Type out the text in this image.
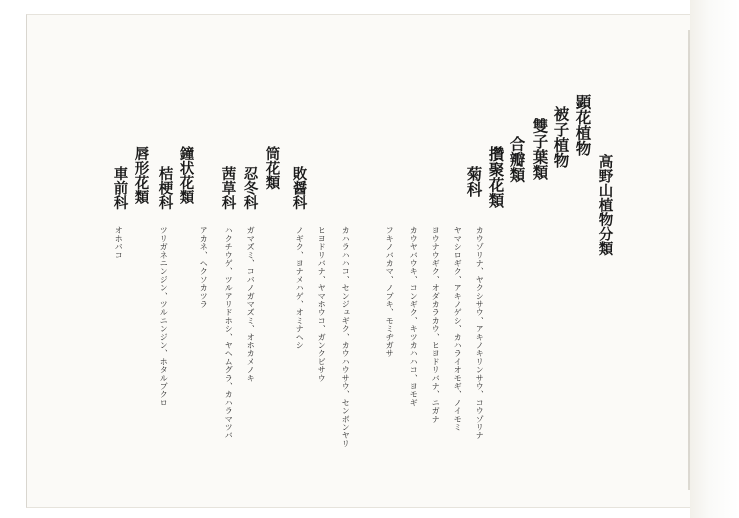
高野山植物分類
顕花植物
被子植物
雙子葉類
合瓣類
攢聚花類
菊科
カウゾリナ、ヤクシサウ、アキノキリンサウ、コウゾリナ
ヤマシロギク、アキノゲシ、カハライオモギ、ノイモミ
ヨウナウギク、オダカラカウ、ヒヨドリバナ、ニガナ
カウヤバウキ、コンギク、キツカハハコ、ヨモギ
フキノバカマ、ノブキ、モミヂガサ
カハラハハコ、センジュギク、カウハウサウ、センボンヤリ
ヒヨドリバナ、ヤマホウコ、ガンクビサウ
敗醤科
ノギク、ヨナメハゲ、オミナヘシ
筒花類
忍冬科
ガマズミ、コバノガマズミ、オホカメノキ
茜草科
ハクチウゲ、ツルアリドホシ、ヤヘムグラ、カハラマツバ
アカネ、ヘクソカツラ
鐘状花類
桔梗科
ツリガネニンジン、ツルニンジン、ホタルブクロ
唇形花類
車前科
オホバコ
